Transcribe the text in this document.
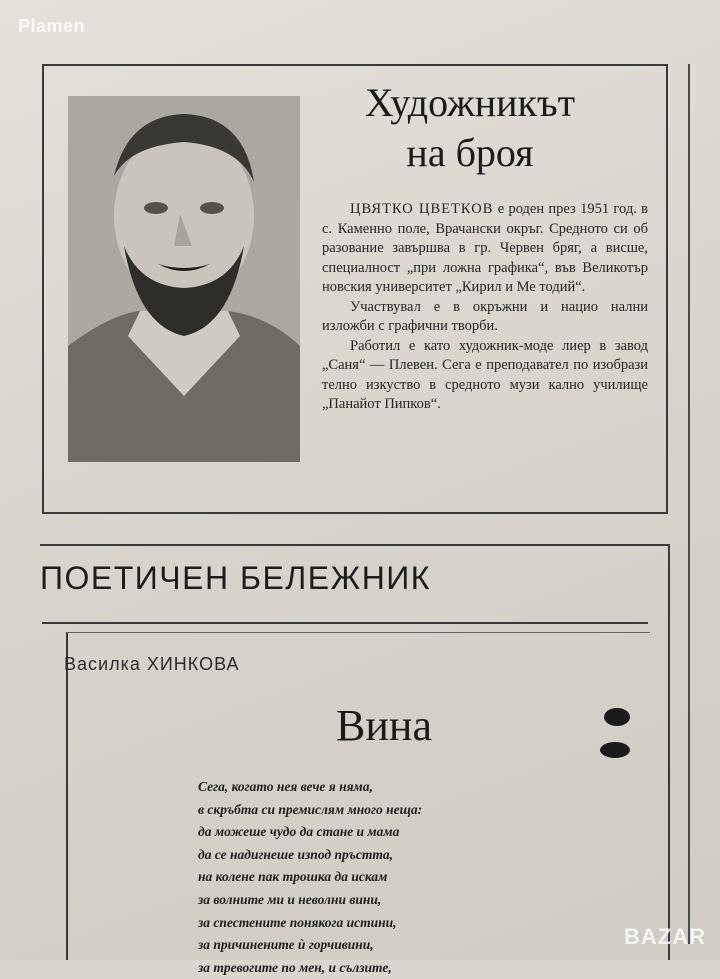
Plamen
Художникът
на броя

ЦВЯТКО ЦВЕТКОВ е роден през 1951 год. в с. Каменно поле, Врачански окръг. Средното си об разование завършва в гр. Червен бряг, а висше, специалност „при ложна графика“, във Великотър новския университет „Кирил и Ме тодий“.

Участвувал е в окръжни и нацио нални изложби с графични творби.

Работил е като художник-моде лиер в завод „Саня“ — Плевен. Сега е преподавател по изобрази телно изкуство в средното музи кално училище „Панайот Пипков“.

ПОЕТИЧЕН БЕЛЕЖНИК
Василка ХИНКОВА
Вина
Сега, когато нея вече я няма,
в скръбта си премислям много неща:
да можеше чудо да стане и мама
да се надигнеше изпод пръстта,
на колене пак трошка да искам
за волните ми и неволни вини,
за спестените понякога истини,
за причинените ѝ горчивини,
за тревогите по мен, и сълзите,
BAZAR
